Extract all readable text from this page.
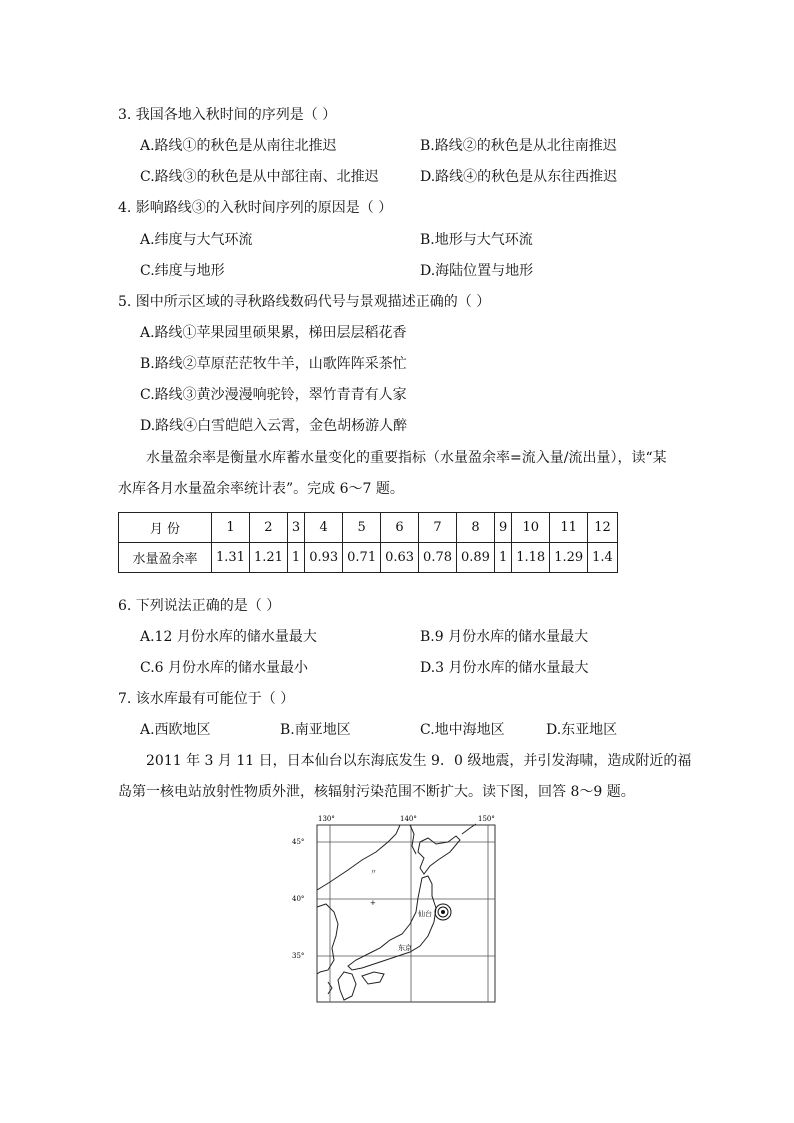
3. 我国各地入秋时间的序列是（ ）
A.路线①的秋色是从南往北推迟	B.路线②的秋色是从北往南推迟
C.路线③的秋色是从中部往南、北推迟	D.路线④的秋色是从东往西推迟
4. 影响路线③的入秋时间序列的原因是（ ）
A.纬度与大气环流	B.地形与大气环流
C.纬度与地形	D.海陆位置与地形
5. 图中所示区域的寻秋路线数码代号与景观描述正确的（ ）
A.路线①苹果园里硕果累，梯田层层稻花香
B.路线②草原茫茫牧牛羊，山歌阵阵采茶忙
C.路线③黄沙漫漫响驼铃，翠竹青青有人家
D.路线④白雪皑皑入云霄，金色胡杨游人醉
水量盈余率是衡量水库蓄水量变化的重要指标（水量盈余率=流入量/流出量），读“某
水库各月水量盈余率统计表”。完成 6～7 题。
月 份	1	2	3	4	5	6	7	8	9	10	11	12
水量盈余率	1.31	1.21	1	0.93	0.71	0.63	0.78	0.89	1	1.18	1.29	1.4
6. 下列说法正确的是（ ）
A.12 月份水库的储水量最大	B.9 月份水库的储水量最大
C.6 月份水库的储水量最小	D.3 月份水库的储水量最大
7. 该水库最有可能位于（ ）
A.西欧地区	B.南亚地区	C.地中海地区	D.东亚地区
2011 年 3 月 11 日，日本仙台以东海底发生 9．0 级地震，并引发海啸，造成附近的福
岛第一核电站放射性物质外泄，核辐射污染范围不断扩大。读下图，回答 8～9 题。
130°	140°	150°
45°
40°
35°
〃
+
仙台
东京
